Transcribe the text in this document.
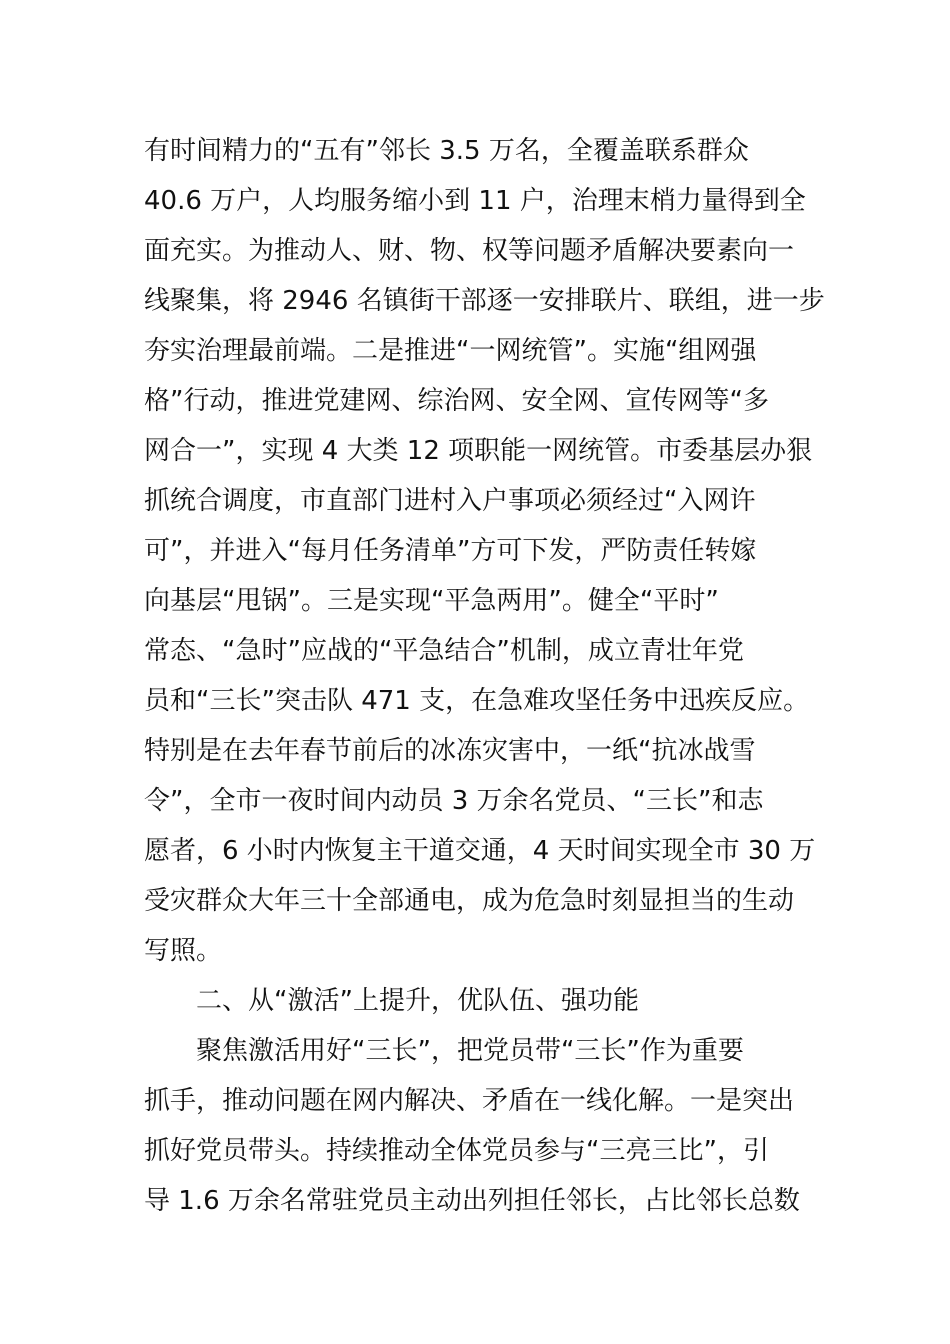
有时间精力的“五有”邻长 3.5 万名，全覆盖联系群众
40.6 万户，人均服务缩小到 11 户，治理末梢力量得到全
面充实。为推动人、财、物、权等问题矛盾解决要素向一
线聚集，将 2946 名镇街干部逐一安排联片、联组，进一步
夯实治理最前端。二是推进“一网统管”。实施“组网强
格”行动，推进党建网、综治网、安全网、宣传网等“多
网合一”，实现 4 大类 12 项职能一网统管。市委基层办狠
抓统合调度，市直部门进村入户事项必须经过“入网许
可”，并进入“每月任务清单”方可下发，严防责任转嫁
向基层“甩锅”。三是实现“平急两用”。健全“平时”
常态、“急时”应战的“平急结合”机制，成立青壮年党
员和“三长”突击队 471 支，在急难攻坚任务中迅疾反应。
特别是在去年春节前后的冰冻灾害中，一纸“抗冰战雪
令”，全市一夜时间内动员 3 万余名党员、“三长”和志
愿者，6 小时内恢复主干道交通，4 天时间实现全市 30 万
受灾群众大年三十全部通电，成为危急时刻显担当的生动
写照。
二、从“激活”上提升，优队伍、强功能
聚焦激活用好“三长”，把党员带“三长”作为重要
抓手，推动问题在网内解决、矛盾在一线化解。一是突出
抓好党员带头。持续推动全体党员参与“三亮三比”，引
导 1.6 万余名常驻党员主动出列担任邻长，占比邻长总数
